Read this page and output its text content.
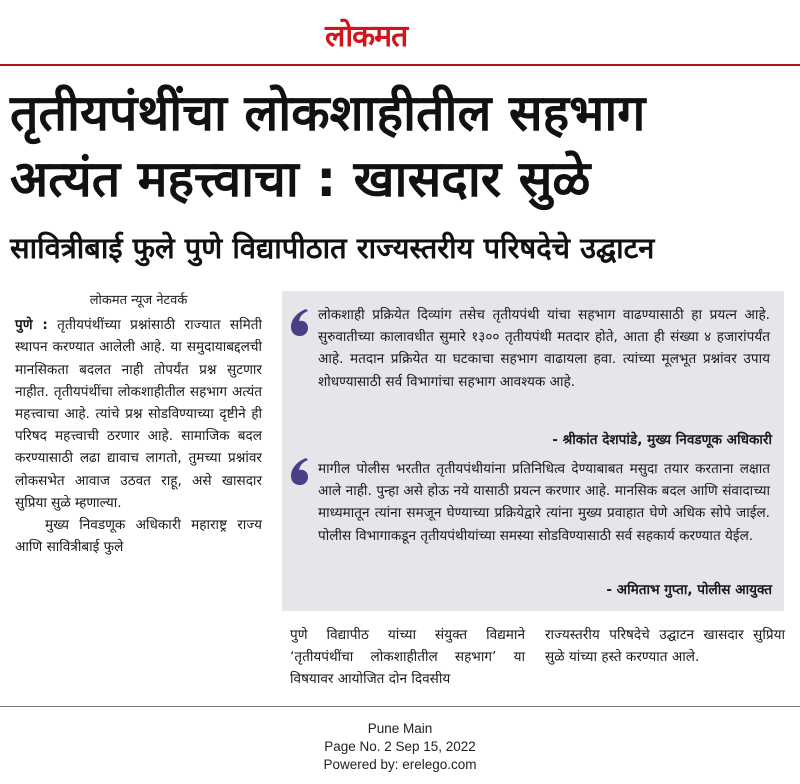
लोकमत
तृतीयपंथींचा लोकशाहीतील सहभाग
अत्यंत महत्त्वाचा : खासदार सुळे
सावित्रीबाई फुले पुणे विद्यापीठात राज्यस्तरीय परिषदेचे उद्घाटन
लोकमत न्यूज नेटवर्क
पुणे : तृतीयपंथींच्या प्रश्नांसाठी राज्यात समिती स्थापन करण्यात आलेली आहे. या समुदायाबद्दलची मानसिकता बदलत नाही तोपर्यंत प्रश्न सुटणार नाहीत. तृतीयपंथींचा लोकशाहीतील सहभाग अत्यंत महत्त्वाचा आहे. त्यांचे प्रश्न सोडविण्याच्या दृष्टीने ही परिषद महत्त्वाची ठरणार आहे. सामाजिक बदल करण्यासाठी लढा द्यावाच लागतो, तुमच्या प्रश्नांवर लोकसभेत आवाज उठवत राहू, असे खासदार सुप्रिया सुळे म्हणाल्या.
मुख्य निवडणूक अधिकारी महाराष्ट्र राज्य आणि सावित्रीबाई फुले
लोकशाही प्रक्रियेत दिव्यांग तसेच तृतीयपंथी यांचा सहभाग वाढण्यासाठी हा प्रयत्न आहे. सुरुवातीच्या कालावधीत सुमारे १३०० तृतीयपंथी मतदार होते, आता ही संख्या ४ हजारांपर्यंत आहे. मतदान प्रक्रियेत या घटकाचा सहभाग वाढायला हवा. त्यांच्या मूलभूत प्रश्नांवर उपाय शोधण्यासाठी सर्व विभागांचा सहभाग आवश्यक आहे.
- श्रीकांत देशपांडे, मुख्य निवडणूक अधिकारी
मागील पोलीस भरतीत तृतीयपंथीयांना प्रतिनिधित्व देण्याबाबत मसुदा तयार करताना लक्षात आले नाही. पुन्हा असे होऊ नये यासाठी प्रयत्न करणार आहे. मानसिक बदल आणि संवादाच्या माध्यमातून त्यांना समजून घेण्याच्या प्रक्रियेद्वारे त्यांना मुख्य प्रवाहात घेणे अधिक सोपे जाईल. पोलीस विभागाकडून तृतीयपंथीयांच्या समस्या सोडविण्यासाठी सर्व सहकार्य करण्यात येईल.
- अमिताभ गुप्ता, पोलीस आयुक्त
पुणे विद्यापीठ यांच्या संयुक्त विद्यमाने ‘तृतीयपंथींचा लोकशाहीतील सहभाग’ या विषयावर आयोजित दोन दिवसीय
राज्यस्तरीय परिषदेचे उद्घाटन खासदार सुप्रिया सुळे यांच्या हस्ते करण्यात आले.
Pune Main
Page No. 2 Sep 15, 2022
Powered by: erelego.com
